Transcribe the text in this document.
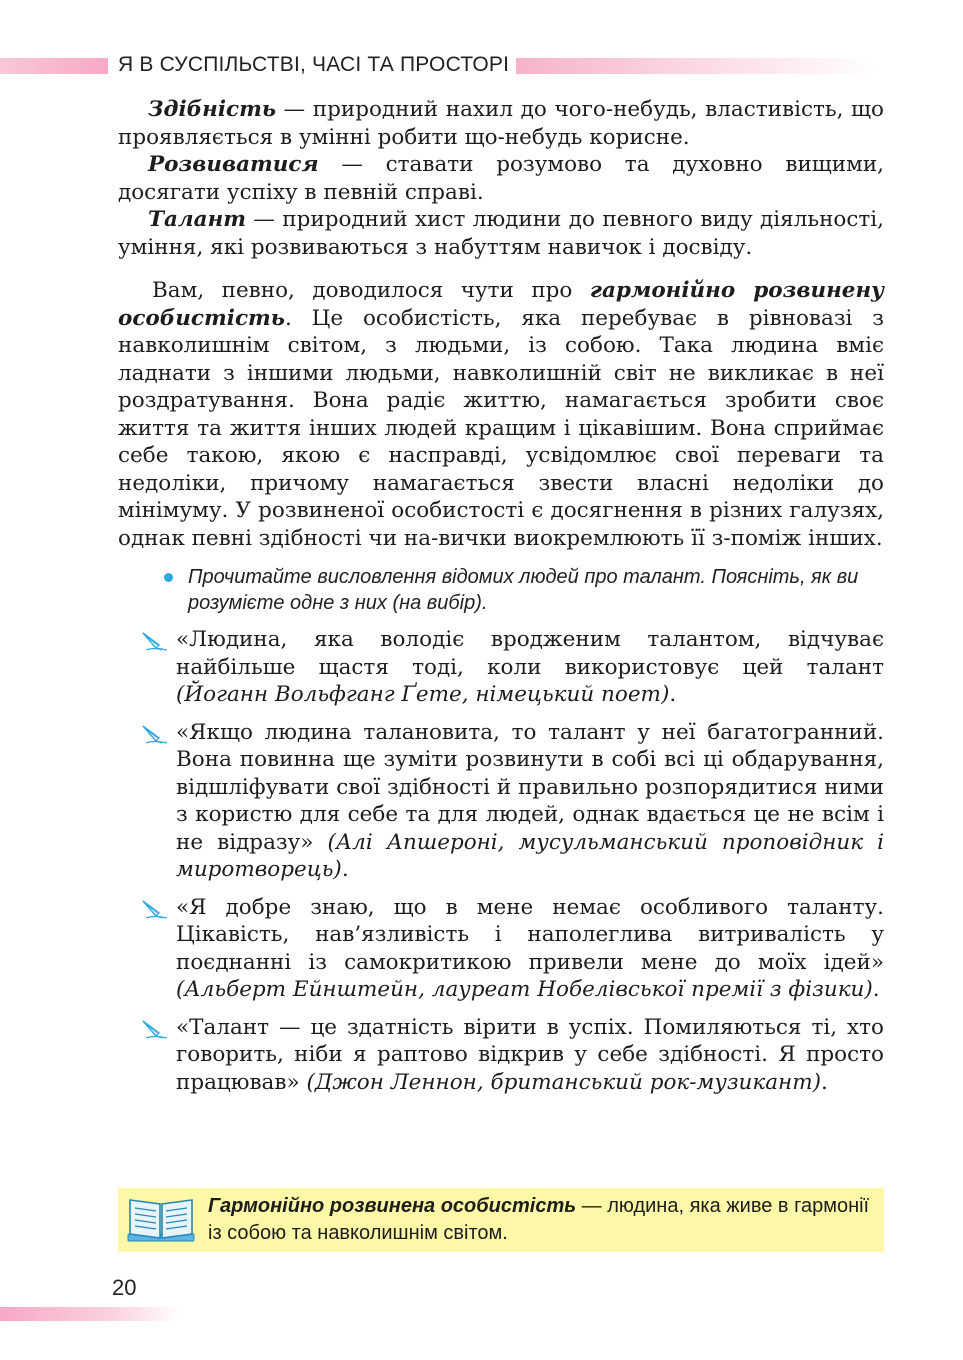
Я В СУСПІЛЬСТВІ, ЧАСІ ТА ПРОСТОРІ

Здібність — природний нахил до чого-небудь, властивість, що проявляється в умінні робити що-небудь корисне.

Розвиватися — ставати розумово та духовно вищими, досягати успіху в певній справі.

Талант — природний хист людини до певного виду діяльності, уміння, які розвиваються з набуттям навичок і досвіду.

Вам, певно, доводилося чути про гармонійно розвинену особистість. Це особистість, яка перебуває в рівновазі з навколишнім світом, з людьми, із собою. Така людина вміє ладнати з іншими людьми, навколишній світ не викликає в неї роздратування. Вона радіє життю, намагається зробити своє життя та життя інших людей кращим і цікавішим. Вона сприймає себе такою, якою є насправді, усвідомлює свої переваги та недоліки, причому намагається звести власні недоліки до мінімуму. У розвиненої особистості є досягнення в різних галузях, однак певні здібності чи на-вички виокремлюють її з-поміж інших.

Прочитайте висловлення відомих людей про талант. Поясніть, як ви розумієте одне з них (на вибір).

«Людина, яка володіє вродженим талантом, відчуває найбільше щастя тоді, коли використовує цей талант (Йоганн Вольфганг Ґете, німецький поет).

«Якщо людина талановита, то талант у неї багатогранний. Вона повинна ще зуміти розвинути в собі всі ці обдарування, відшліфувати свої здібності й правильно розпорядитися ними з користю для себе та для людей, однак вдається це не всім і не відразу» (Алі Апшероні, мусульманський проповідник і миротворець).

«Я добре знаю, що в мене немає особливого таланту. Цікавість, нав’язливість і наполеглива витривалість у поєднанні із самокритикою привели мене до моїх ідей» (Альберт Ейнштейн, лауреат Нобелівської премії з фізики).

«Талант — це здатність вірити в успіх. Помиляються ті, хто говорить, ніби я раптово відкрив у себе здібності. Я просто працював» (Джон Леннон, британський рок-музикант).

Гармонійно розвинена особистість — людина, яка живе в гармонії із собою та навколишнім світом.
20
